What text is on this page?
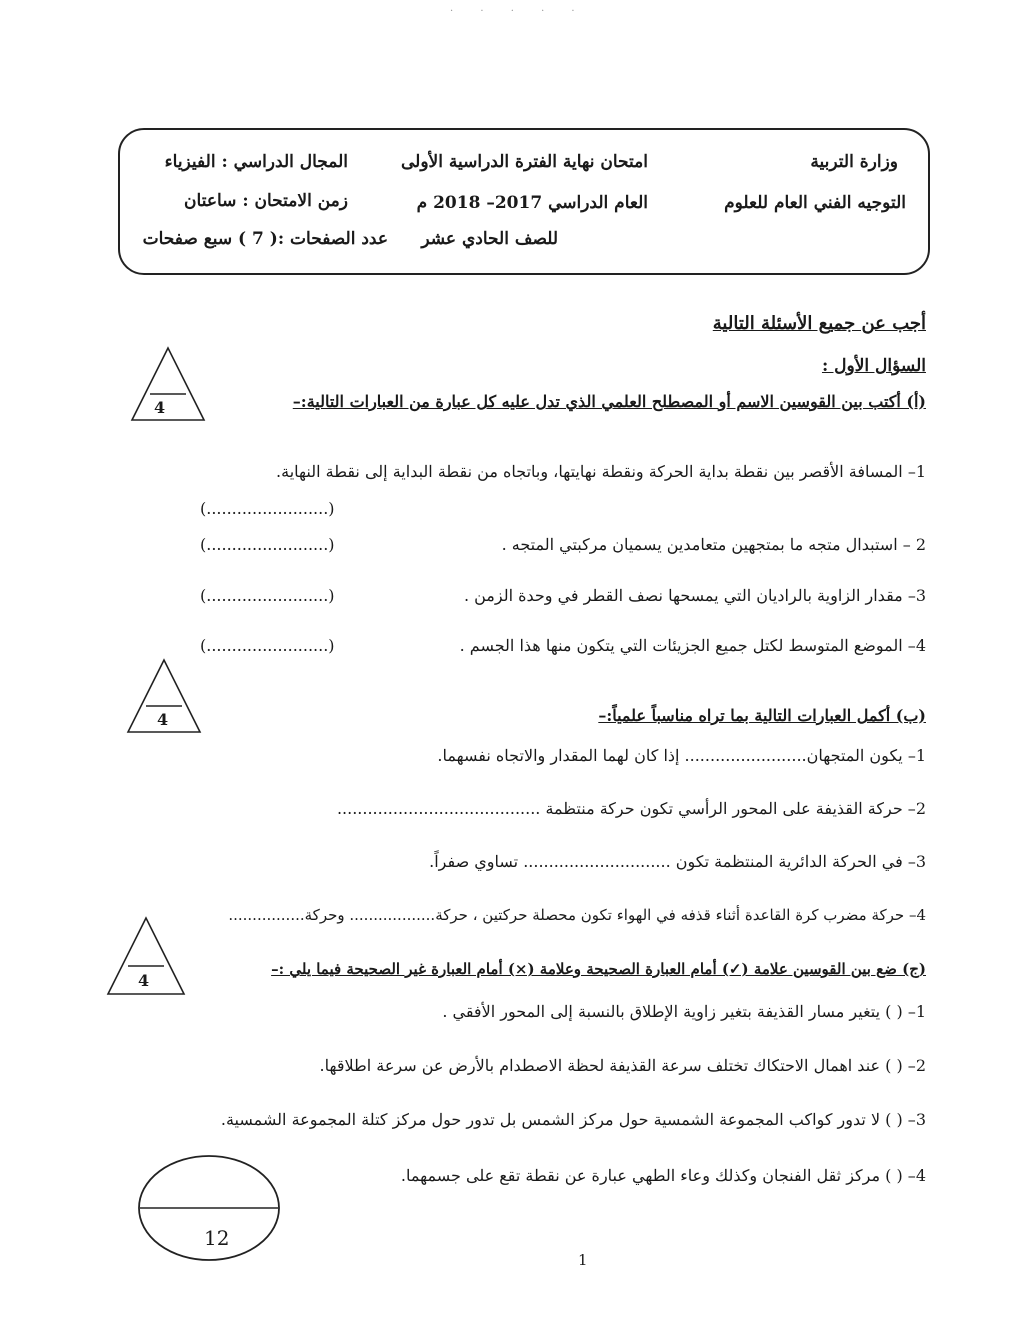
· · · · ·
وزارة التربية
التوجيه الفني العام للعلوم
امتحان نهاية الفترة الدراسية الأولى
العام الدراسي 2017– 2018 م
للصف الحادي عشر
المجال الدراسي : الفيزياء
زمن الامتحان : ساعتان
عدد الصفحات :( 7 ) سبع صفحات
أجب عن جميع الأسئلة التالية
السؤال الأول :
(أ) أكتب بين القوسين الاسم أو المصطلح العلمي الذي تدل عليه كل عبارة من العبارات التالية:–
4
1– المسافة الأقصر بين نقطة بداية الحركة ونقطة نهايتها، وباتجاه من نقطة البداية إلى نقطة النهاية.
(........................)
2 – استبدال متجه ما بمتجهين متعامدين يسميان مركبتي المتجه .
(........................)
3– مقدار الزاوية بالراديان التي يمسحها نصف القطر في وحدة الزمن .
(........................)
4– الموضع المتوسط لكتل جميع الجزيئات التي يتكون منها هذا الجسم .
(........................)
4	(ب) أكمل العبارات التالية بما تراه مناسباً علمياً:–
1– يكون المتجهان........................ إذا كان لهما المقدار والاتجاه نفسهما.
2– حركة القذيفة على المحور الرأسي تكون حركة منتظمة ........................................
3– في الحركة الدائرية المنتظمة تكون ............................. تساوي صفراً.
4– حركة مضرب كرة القاعدة أثناء قذفه في الهواء تكون محصلة حركتين ، حركة.................. وحركة................
4
(ج) ضع بين القوسين علامة (✓) أمام العبارة الصحيحة وعلامة (×) أمام العبارة غير الصحيحة فيما يلي :–
1– ( ) يتغير مسار القذيفة بتغير زاوية الإطلاق بالنسبة إلى المحور الأفقي .
2– ( ) عند اهمال الاحتكاك تختلف سرعة القذيفة لحظة الاصطدام بالأرض عن سرعة اطلاقها.
3– ( ) لا تدور كواكب المجموعة الشمسية حول مركز الشمس بل تدور حول مركز كتلة المجموعة الشمسية.
4– ( ) مركز ثقل الفنجان وكذلك وعاء الطهي عبارة عن نقطة تقع على جسمهما.
12
1
